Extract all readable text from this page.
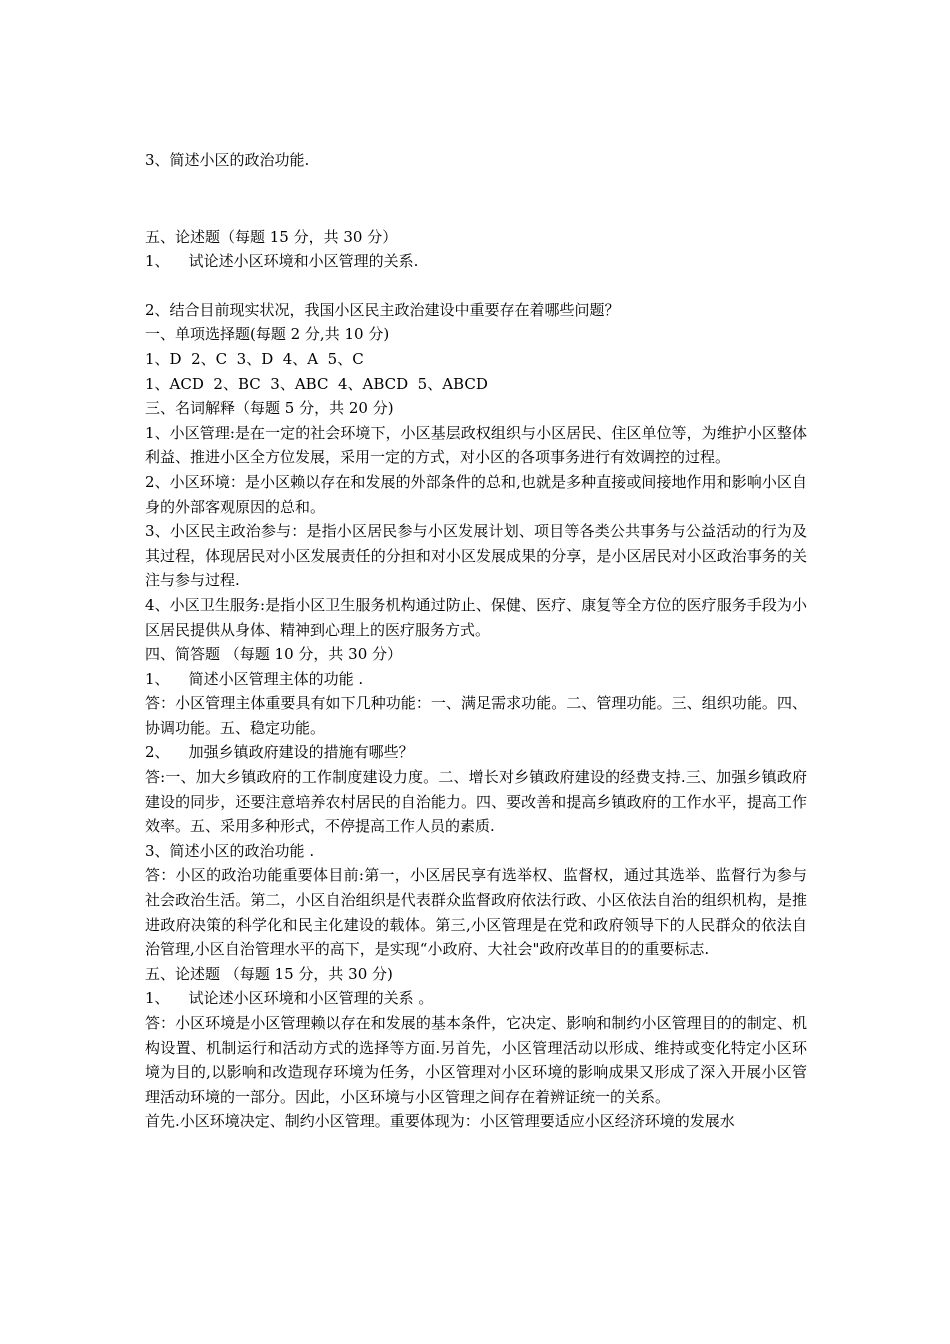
3、简述小区的政治功能.

五、论述题（每题 15 分，共 30 分）

1、    试论述小区环境和小区管理的关系.

2、结合目前现实状况，我国小区民主政治建设中重要存在着哪些问题？

一、单项选择题(每题 2 分,共 10 分)

1、D  2、C  3、D  4、A  5、C

1、ACD  2、BC  3、ABC  4、ABCD  5、ABCD

三、名词解释（每题 5 分，共 20 分)

1、小区管理:是在一定的社会环境下，小区基层政权组织与小区居民、住区单位等，为维护小区整体利益、推进小区全方位发展，采用一定的方式，对小区的各项事务进行有效调控的过程。

2、小区环境：是小区赖以存在和发展的外部条件的总和,也就是多种直接或间接地作用和影响小区自身的外部客观原因的总和。

3、小区民主政治参与：是指小区居民参与小区发展计划、项目等各类公共事务与公益活动的行为及其过程，体现居民对小区发展责任的分担和对小区发展成果的分享，是小区居民对小区政治事务的关注与参与过程.

4、小区卫生服务:是指小区卫生服务机构通过防止、保健、医疗、康复等全方位的医疗服务手段为小区居民提供从身体、精神到心理上的医疗服务方式。

四、简答题 （每题 10 分，共 30 分）

1、    简述小区管理主体的功能 .

答：小区管理主体重要具有如下几种功能：一、满足需求功能。二、管理功能。三、组织功能。四、协调功能。五、稳定功能。

2、    加强乡镇政府建设的措施有哪些？

答:一、加大乡镇政府的工作制度建设力度。二、增长对乡镇政府建设的经费支持.三、加强乡镇政府建设的同步，还要注意培养农村居民的自治能力。四、要改善和提高乡镇政府的工作水平，提高工作效率。五、采用多种形式，不停提高工作人员的素质.

3、简述小区的政治功能 .

答：小区的政治功能重要体目前:第一，小区居民享有选举权、监督权，通过其选举、监督行为参与社会政治生活。第二，小区自治组织是代表群众监督政府依法行政、小区依法自治的组织机构，是推进政府决策的科学化和民主化建设的载体。第三,小区管理是在党和政府领导下的人民群众的依法自治管理,小区自治管理水平的高下，是实现“小政府、大社会"政府改革目的的重要标志.

五、论述题 （每题 15 分，共 30 分)

1、    试论述小区环境和小区管理的关系 。

答：小区环境是小区管理赖以存在和发展的基本条件，它决定、影响和制约小区管理目的的制定、机构设置、机制运行和活动方式的选择等方面.另首先，小区管理活动以形成、维持或变化特定小区环境为目的,以影响和改造现存环境为任务，小区管理对小区环境的影响成果又形成了深入开展小区管理活动环境的一部分。因此，小区环境与小区管理之间存在着辨证统一的关系。

首先.小区环境决定、制约小区管理。重要体现为：小区管理要适应小区经济环境的发展水
